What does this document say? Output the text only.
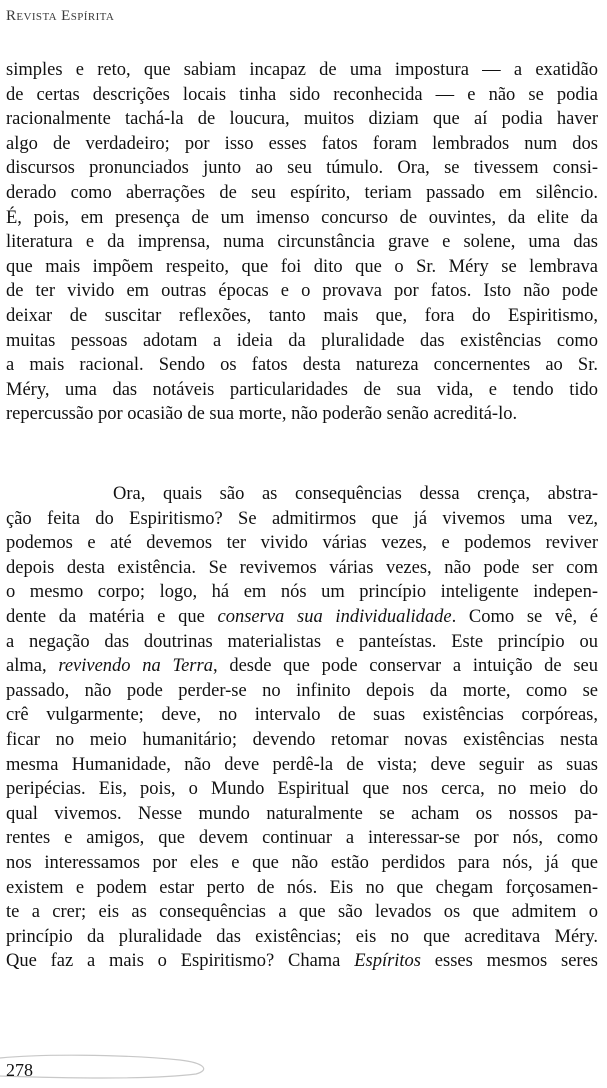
Revista Espírita
simples e reto, que sabiam incapaz de uma impostura — a exatidão
de certas descrições locais tinha sido reconhecida — e não se podia
racionalmente tachá-la de loucura, muitos diziam que aí podia haver
algo de verdadeiro; por isso esses fatos foram lembrados num dos
discursos pronunciados junto ao seu túmulo. Ora, se tivessem consi-
derado como aberrações de seu espírito, teriam passado em silêncio.
É, pois, em presença de um imenso concurso de ouvintes, da elite da
literatura e da imprensa, numa circunstância grave e solene, uma das
que mais impõem respeito, que foi dito que o Sr. Méry se lembrava
de ter vivido em outras épocas e o provava por fatos. Isto não pode
deixar de suscitar reflexões, tanto mais que, fora do Espiritismo,
muitas pessoas adotam a ideia da pluralidade das existências como
a mais racional. Sendo os fatos desta natureza concernentes ao Sr.
Méry, uma das notáveis particularidades de sua vida, e tendo tido
repercussão por ocasião de sua morte, não poderão senão acreditá-lo.
Ora, quais são as consequências dessa crença, abstra-
ção feita do Espiritismo? Se admitirmos que já vivemos uma vez,
podemos e até devemos ter vivido várias vezes, e podemos reviver
depois desta existência. Se revivemos várias vezes, não pode ser com
o mesmo corpo; logo, há em nós um princípio inteligente indepen-
dente da matéria e que conserva sua individualidade. Como se vê, é
a negação das doutrinas materialistas e panteístas. Este princípio ou
alma, revivendo na Terra, desde que pode conservar a intuição de seu
passado, não pode perder-se no infinito depois da morte, como se
crê vulgarmente; deve, no intervalo de suas existências corpóreas,
ficar no meio humanitário; devendo retomar novas existências nesta
mesma Humanidade, não deve perdê-la de vista; deve seguir as suas
peripécias. Eis, pois, o Mundo Espiritual que nos cerca, no meio do
qual vivemos. Nesse mundo naturalmente se acham os nossos pa-
rentes e amigos, que devem continuar a interessar-se por nós, como
nos interessamos por eles e que não estão perdidos para nós, já que
existem e podem estar perto de nós. Eis no que chegam forçosamen-
te a crer; eis as consequências a que são levados os que admitem o
princípio da pluralidade das existências; eis no que acreditava Méry.
Que faz a mais o Espiritismo? Chama Espíritos esses mesmos seres
278
